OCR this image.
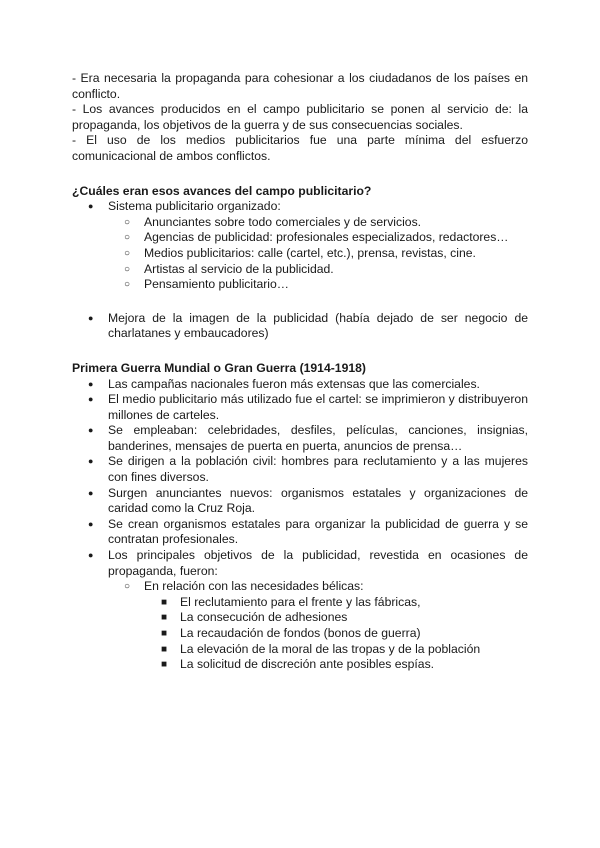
- Era necesaria la propaganda para cohesionar a los ciudadanos de los países en conflicto.

- Los avances producidos en el campo publicitario se ponen al servicio de: la propaganda, los objetivos de la guerra y de sus consecuencias sociales.

- El uso de los medios publicitarios fue una parte mínima del esfuerzo comunicacional de ambos conflictos.

¿Cuáles eran esos avances del campo publicitario?

● Sistema publicitario organizado:
○ Anunciantes sobre todo comerciales y de servicios.
○ Agencias de publicidad: profesionales especializados, redactores…
○ Medios publicitarios: calle (cartel, etc.), prensa, revistas, cine.
○ Artistas al servicio de la publicidad.
○ Pensamiento publicitario…
● Mejora de la imagen de la publicidad (había dejado de ser negocio de charlatanes y embaucadores)

Primera Guerra Mundial o Gran Guerra (1914-1918)

● Las campañas nacionales fueron más extensas que las comerciales.
● El medio publicitario más utilizado fue el cartel: se imprimieron y distribuyeron millones de carteles.
● Se empleaban: celebridades, desfiles, películas, canciones, insignias, banderines, mensajes de puerta en puerta, anuncios de prensa…
● Se dirigen a la población civil: hombres para reclutamiento y a las mujeres con fines diversos.
● Surgen anunciantes nuevos: organismos estatales y organizaciones de caridad como la Cruz Roja.
● Se crean organismos estatales para organizar la publicidad de guerra y se contratan profesionales.
● Los principales objetivos de la publicidad, revestida en ocasiones de propaganda, fueron:
○ En relación con las necesidades bélicas:
■ El reclutamiento para el frente y las fábricas,
■ La consecución de adhesiones
■ La recaudación de fondos (bonos de guerra)
■ La elevación de la moral de las tropas y de la población
■ La solicitud de discreción ante posibles espías.
